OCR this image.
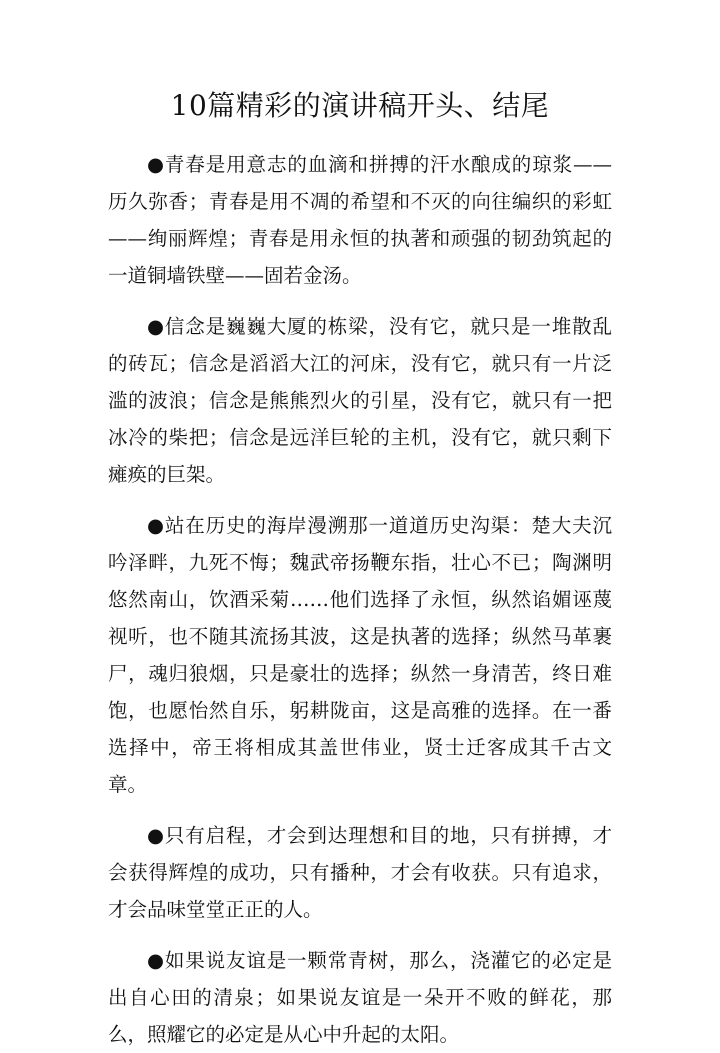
10篇精彩的演讲稿开头、结尾

●青春是用意志的血滴和拼搏的汗水酿成的琼浆——历久弥香；青春是用不凋的希望和不灭的向往编织的彩虹——绚丽辉煌；青春是用永恒的执著和顽强的韧劲筑起的一道铜墙铁壁——固若金汤。

●信念是巍巍大厦的栋梁，没有它，就只是一堆散乱的砖瓦；信念是滔滔大江的河床，没有它，就只有一片泛滥的波浪；信念是熊熊烈火的引星，没有它，就只有一把冰冷的柴把；信念是远洋巨轮的主机，没有它，就只剩下瘫痪的巨架。

●站在历史的海岸漫溯那一道道历史沟渠：楚大夫沉吟泽畔，九死不悔；魏武帝扬鞭东指，壮心不已；陶渊明悠然南山，饮酒采菊……他们选择了永恒，纵然谄媚诬蔑视听，也不随其流扬其波，这是执著的选择；纵然马革裹尸，魂归狼烟，只是豪壮的选择；纵然一身清苦，终日难饱，也愿怡然自乐，躬耕陇亩，这是高雅的选择。在一番选择中，帝王将相成其盖世伟业，贤士迁客成其千古文章。

●只有启程，才会到达理想和目的地，只有拼搏，才会获得辉煌的成功，只有播种，才会有收获。只有追求，才会品味堂堂正正的人。

●如果说友谊是一颗常青树，那么，浇灌它的必定是出自心田的清泉；如果说友谊是一朵开不败的鲜花，那么，照耀它的必定是从心中升起的太阳。
